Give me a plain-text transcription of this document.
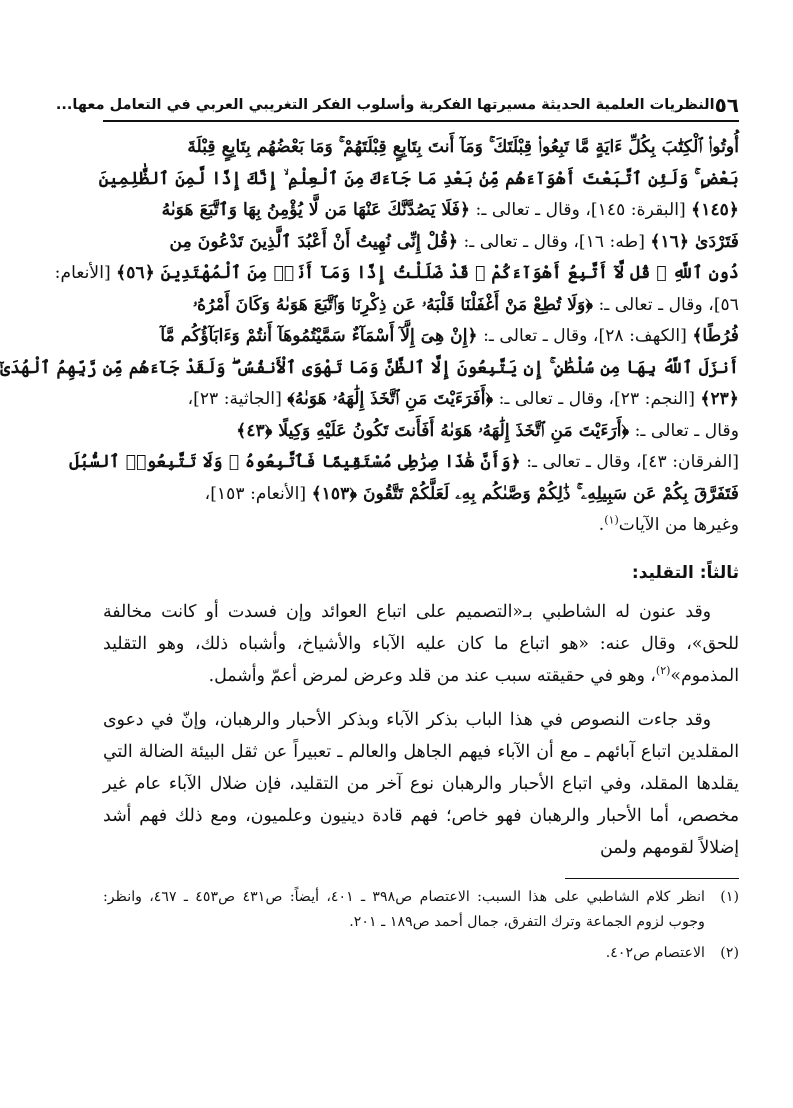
٥٦
النظريات العلمية الحديثة مسيرتها الفكرية وأسلوب الفكر التغريبي العربي في التعامل معها...
أُوتُوا۟ ٱلْكِتَٰبَ بِكُلِّ ءَايَةٍ مَّا تَبِعُوا۟ قِبْلَتَكَ ۚ وَمَآ أَنتَ بِتَابِعٍ قِبْلَتَهُمْ ۚ وَمَا بَعْضُهُم بِتَابِعٍ قِبْلَةَ
بَعْضٍ ۚ وَلَئِنِ ٱتَّبَعْتَ أَهْوَآءَهُم مِّنۢ بَعْدِ مَا جَآءَكَ مِنَ ٱلْعِلْمِ ۙ إِنَّكَ إِذًا لَّمِنَ ٱلظَّٰلِمِينَ
﴿١٤٥﴾ [البقرة: ١٤٥]، وقال ـ تعالى ـ: ﴿فَلَا يَصُدَّنَّكَ عَنْهَا مَن لَّا يُؤْمِنُ بِهَا وَٱتَّبَعَ هَوَىٰهُ
فَتَرْدَىٰ ﴿١٦﴾ [طه: ١٦]، وقال ـ تعالى ـ: ﴿قُلْ إِنِّى نُهِيتُ أَنْ أَعْبُدَ ٱلَّذِينَ تَدْعُونَ مِن
دُونِ ٱللَّهِ ۚ قُل لَّآ أَتَّبِعُ أَهْوَآءَكُمْ ۙ قَدْ ضَلَلْتُ إِذًا وَمَآ أَنَا۠ مِنَ ٱلْمُهْتَدِينَ ﴿٥٦﴾ [الأنعام:
٥٦]، وقال ـ تعالى ـ: ﴿وَلَا تُطِعْ مَنْ أَغْفَلْنَا قَلْبَهُۥ عَن ذِكْرِنَا وَٱتَّبَعَ هَوَىٰهُ وَكَانَ أَمْرُهُۥ
فُرُطًا﴾ [الكهف: ٢٨]، وقال ـ تعالى ـ: ﴿إِنْ هِىَ إِلَّآ أَسْمَآءٌ سَمَّيْتُمُوهَآ أَنتُمْ وَءَابَآؤُكُم مَّآ
أَنزَلَ ٱللَّهُ بِهَا مِن سُلْطَٰنٍ ۚ إِن يَتَّبِعُونَ إِلَّا ٱلظَّنَّ وَمَا تَهْوَى ٱلْأَنفُسُ ۖ وَلَقَدْ جَآءَهُم مِّن رَّبِّهِمُ ٱلْهُدَىٰٓ
﴿٢٣﴾ [النجم: ٢٣]، وقال ـ تعالى ـ: ﴿أَفَرَءَيْتَ مَنِ ٱتَّخَذَ إِلَٰهَهُۥ هَوَىٰهُ﴾ [الجاثية: ٢٣]،
وقال ـ تعالى ـ: ﴿أَرَءَيْتَ مَنِ ٱتَّخَذَ إِلَٰهَهُۥ هَوَىٰهُ أَفَأَنتَ تَكُونُ عَلَيْهِ وَكِيلًا ﴿٤٣﴾
[الفرقان: ٤٣]، وقال ـ تعالى ـ: ﴿وَأَنَّ هَٰذَا صِرَٰطِى مُسْتَقِيمًا فَٱتَّبِعُوهُ ۖ وَلَا تَتَّبِعُوا۟ ٱلسُّبُلَ
فَتَفَرَّقَ بِكُمْ عَن سَبِيلِهِۦ ۚ ذَٰلِكُمْ وَصَّىٰكُم بِهِۦ لَعَلَّكُمْ تَتَّقُونَ ﴿١٥٣﴾ [الأنعام: ١٥٣]،
وغيرها من الآيات$^{(١)}$.
ثالثاً: التقليد:

وقد عنون له الشاطبي بـ«التصميم على اتباع العوائد وإن فسدت أو كانت مخالفة للحق»، وقال عنه: «هو اتباع ما كان عليه الآباء والأشياخ، وأشباه ذلك، وهو التقليد المذموم»$^{(٢)}$، وهو في حقيقته سبب عند من قلد وعرض لمرض أعمّ وأشمل.

وقد جاءت النصوص في هذا الباب بذكر الآباء وبذكر الأحبار والرهبان، وإنّ في دعوى المقلدين اتباع آبائهم ـ مع أن الآباء فيهم الجاهل والعالم ـ تعبيراً عن ثقل البيئة الضالة التي يقلدها المقلد، وفي اتباع الأحبار والرهبان نوع آخر من التقليد، فإن ضلال الآباء عام غير مخصص، أما الأحبار والرهبان فهو خاص؛ فهم قادة دينيون وعلميون، ومع ذلك فهم أشد إضلالاً لقومهم ولمن

(١)
انظر كلام الشاطبي على هذا السبب: الاعتصام ص٣٩٨ ـ ٤٠١، أيضاً: ص٤٣١ ص٤٥٣ ـ ٤٦٧، وانظر: وجوب لزوم الجماعة وترك التفرق، جمال أحمد ص١٨٩ ـ ٢٠١.
(٢)
الاعتصام ص٤٠٢.
